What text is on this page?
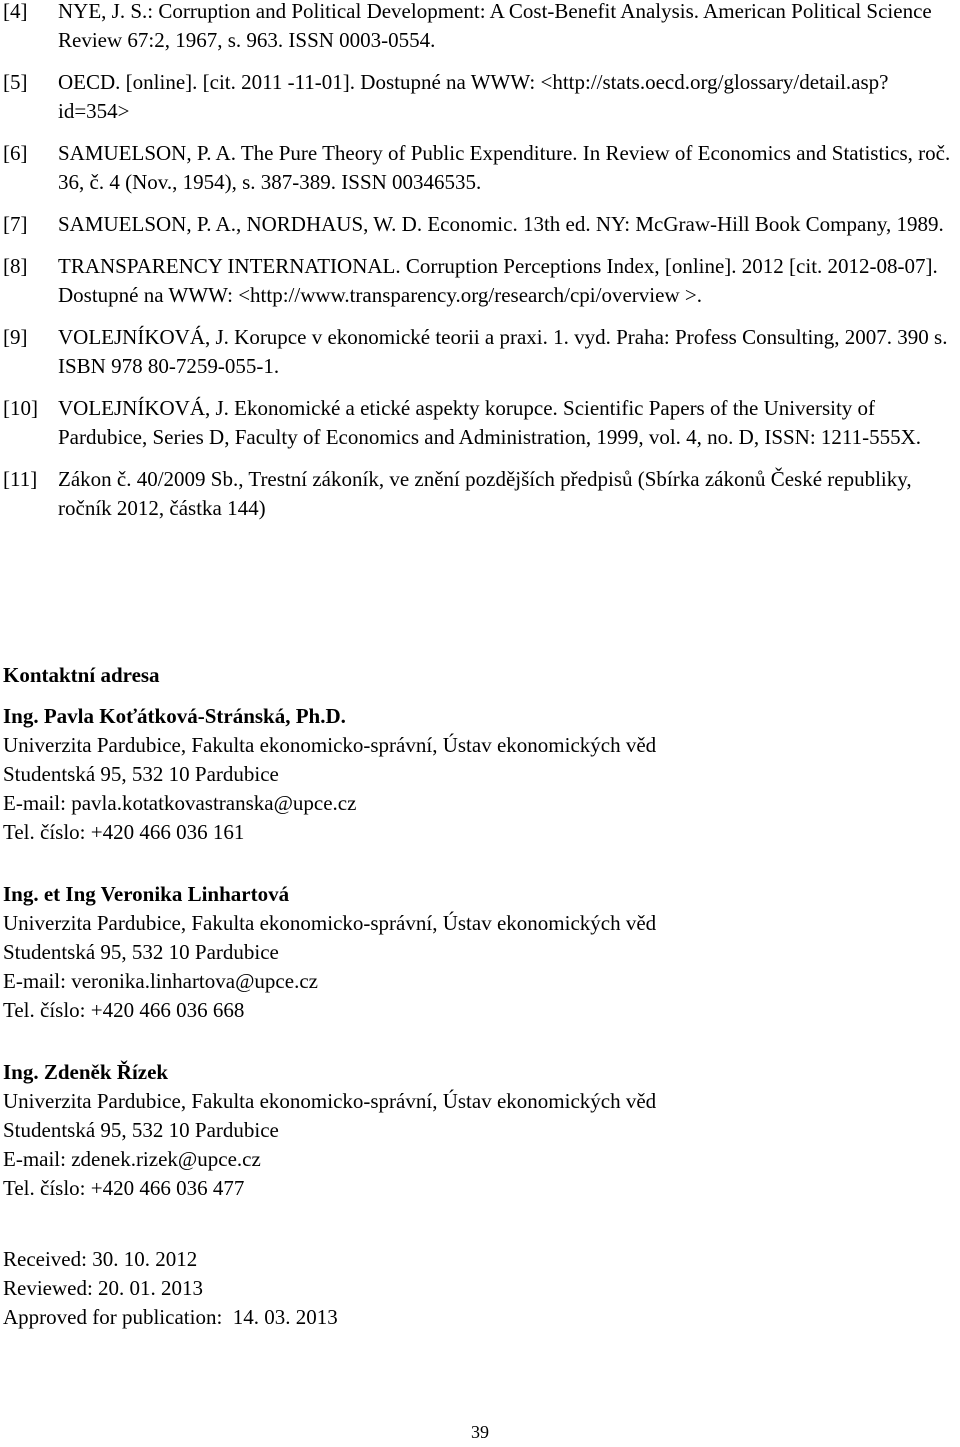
[4]	NYE, J. S.: Corruption and Political Development: A Cost-Benefit Analysis. American Political Science Review 67:2, 1967, s. 963. ISSN 0003-0554.
[5]	OECD. [online]. [cit. 2011 -11-01]. Dostupné na WWW: <http://stats.oecd.org/glossary/detail.asp?id=354>
[6]	SAMUELSON, P. A. The Pure Theory of Public Expenditure. In Review of Economics and Statistics, roč. 36, č. 4 (Nov., 1954), s. 387-389. ISSN 00346535.
[7]	SAMUELSON, P. A., NORDHAUS, W. D. Economic. 13th ed. NY: McGraw-Hill Book Company, 1989.
[8]	TRANSPARENCY INTERNATIONAL. Corruption Perceptions Index, [online]. 2012 [cit. 2012-08-07]. Dostupné na WWW: <http://www.transparency.org/research/cpi/overview >.
[9]	VOLEJNÍKOVÁ, J. Korupce v ekonomické teorii a praxi. 1. vyd. Praha: Profess Consulting, 2007. 390 s. ISBN 978 80-7259-055-1.
[10] VOLEJNÍKOVÁ, J. Ekonomické a etické aspekty korupce. Scientific Papers of the University of Pardubice, Series D, Faculty of Economics and Administration, 1999, vol. 4, no. D, ISSN: 1211-555X.
[11] Zákon č. 40/2009 Sb., Trestní zákoník, ve znění pozdějších předpisů (Sbírka zákonů České republiky, ročník 2012, částka 144)
Kontaktní adresa
Ing. Pavla Koťátková-Stránská, Ph.D.
Univerzita Pardubice, Fakulta ekonomicko-správní, Ústav ekonomických věd
Studentská 95, 532 10 Pardubice
E-mail: pavla.kotatkovastranska@upce.cz
Tel. číslo: +420 466 036 161
Ing. et Ing Veronika Linhartová
Univerzita Pardubice, Fakulta ekonomicko-správní, Ústav ekonomických věd
Studentská 95, 532 10 Pardubice
E-mail: veronika.linhartova@upce.cz
Tel. číslo: +420 466 036 668
Ing. Zdeněk Řízek
Univerzita Pardubice, Fakulta ekonomicko-správní, Ústav ekonomických věd
Studentská 95, 532 10 Pardubice
E-mail: zdenek.rizek@upce.cz
Tel. číslo: +420 466 036 477
Received: 30. 10. 2012
Reviewed: 20. 01. 2013
Approved for publication:  14. 03. 2013
39
